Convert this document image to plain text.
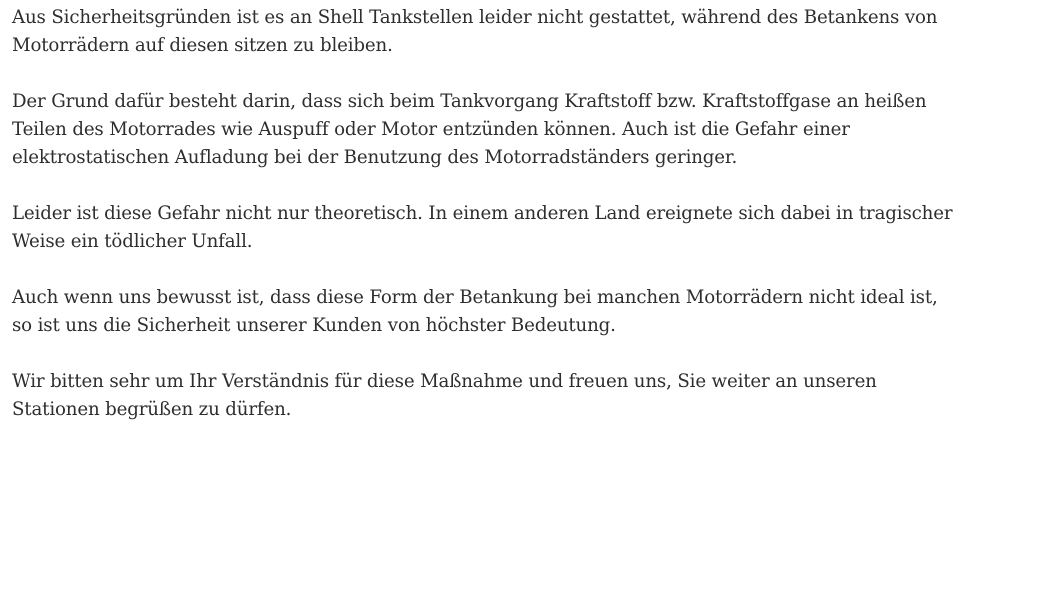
Aus Sicherheitsgründen ist es an Shell Tankstellen leider nicht gestattet, während des Betankens von
Motorrädern auf diesen sitzen zu bleiben.

Der Grund dafür besteht darin, dass sich beim Tankvorgang Kraftstoff bzw. Kraftstoffgase an heißen
Teilen des Motorrades wie Auspuff oder Motor entzünden können. Auch ist die Gefahr einer
elektrostatischen Aufladung bei der Benutzung des Motorradständers geringer.

Leider ist diese Gefahr nicht nur theoretisch. In einem anderen Land ereignete sich dabei in tragischer
Weise ein tödlicher Unfall.

Auch wenn uns bewusst ist, dass diese Form der Betankung bei manchen Motorrädern nicht ideal ist,
so ist uns die Sicherheit unserer Kunden von höchster Bedeutung.

Wir bitten sehr um Ihr Verständnis für diese Maßnahme und freuen uns, Sie weiter an unseren
Stationen begrüßen zu dürfen.
